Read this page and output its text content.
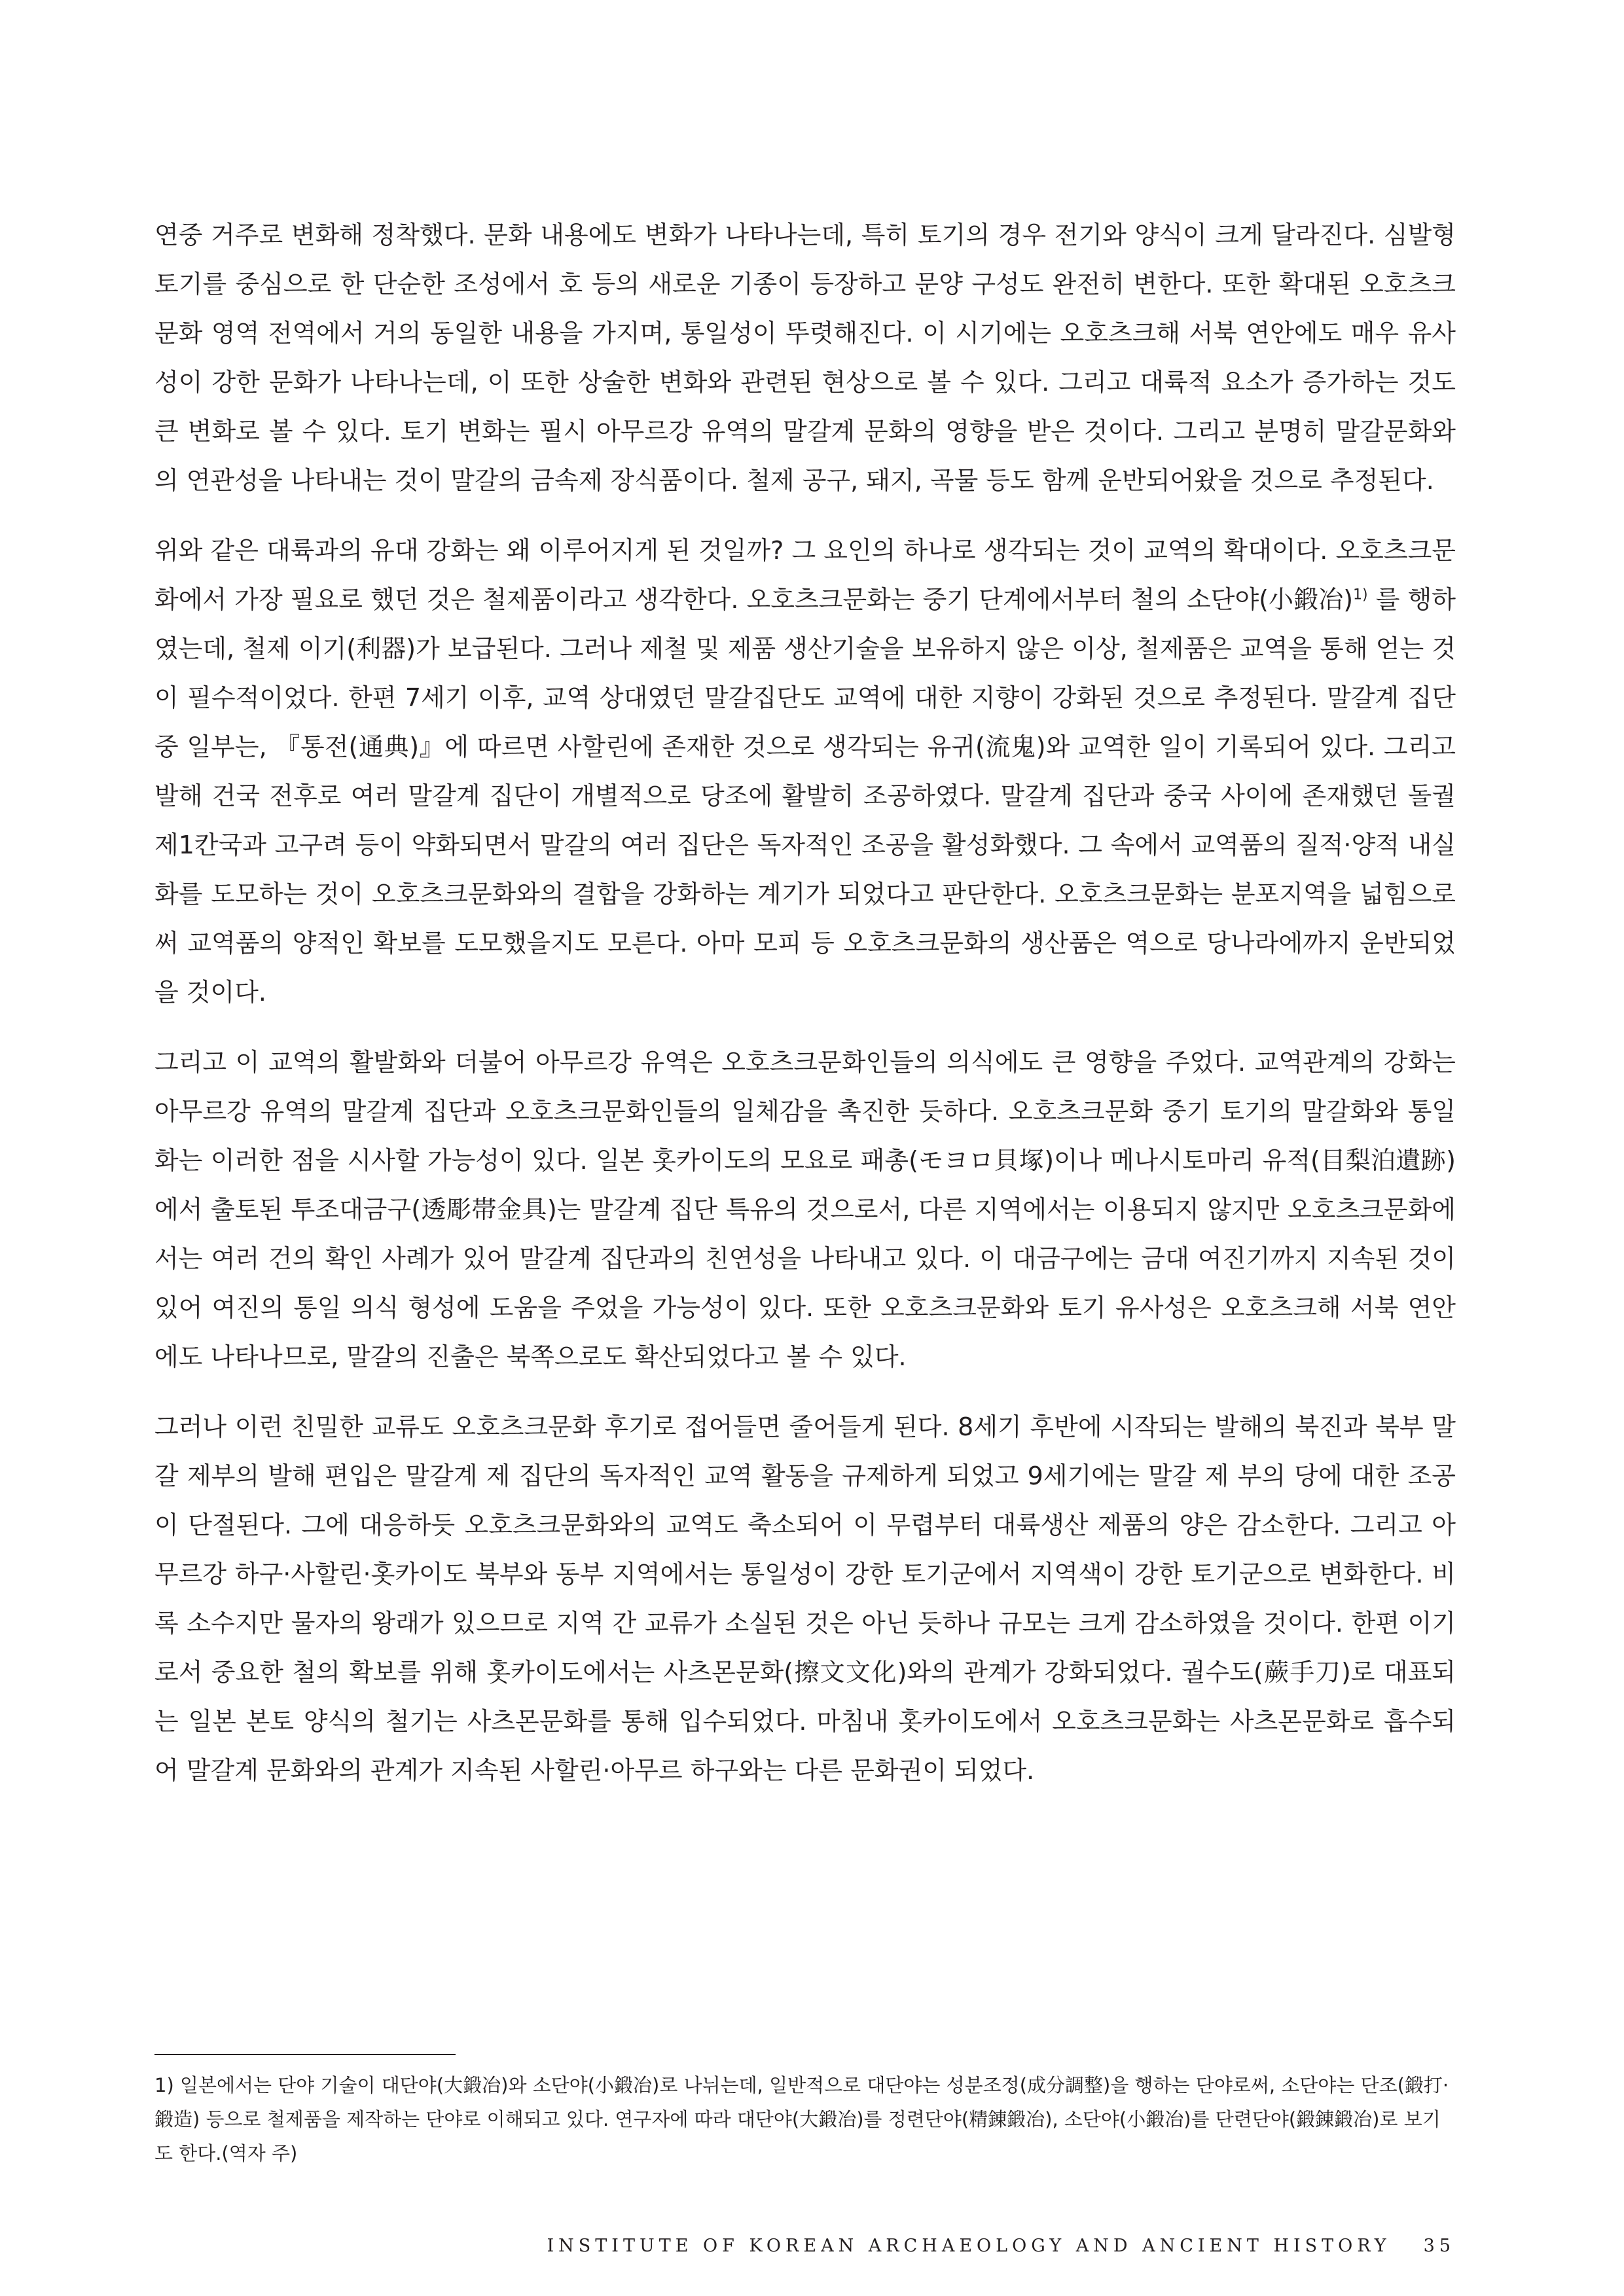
연중 거주로 변화해 정착했다. 문화 내용에도 변화가 나타나는데, 특히 토기의 경우 전기와 양식이 크게 달라진다. 심발형 토기를 중심으로 한 단순한 조성에서 호 등의 새로운 기종이 등장하고 문양 구성도 완전히 변한다. 또한 확대된 오호츠크문화 영역 전역에서 거의 동일한 내용을 가지며, 통일성이 뚜렷해진다. 이 시기에는 오호츠크해 서북 연안에도 매우 유사성이 강한 문화가 나타나는데, 이 또한 상술한 변화와 관련된 현상으로 볼 수 있다. 그리고 대륙적 요소가 증가하는 것도 큰 변화로 볼 수 있다. 토기 변화는 필시 아무르강 유역의 말갈계 문화의 영향을 받은 것이다. 그리고 분명히 말갈문화와의 연관성을 나타내는 것이 말갈의 금속제 장식품이다. 철제 공구, 돼지, 곡물 등도 함께 운반되어왔을 것으로 추정된다.

위와 같은 대륙과의 유대 강화는 왜 이루어지게 된 것일까? 그 요인의 하나로 생각되는 것이 교역의 확대이다. 오호츠크문화에서 가장 필요로 했던 것은 철제품이라고 생각한다. 오호츠크문화는 중기 단계에서부터 철의 소단야(小鍛冶)$^{1)}$ 를 행하였는데, 철제 이기(利器)가 보급된다. 그러나 제철 및 제품 생산기술을 보유하지 않은 이상, 철제품은 교역을 통해 얻는 것이 필수적이었다. 한편 7세기 이후, 교역 상대였던 말갈집단도 교역에 대한 지향이 강화된 것으로 추정된다. 말갈계 집단 중 일부는, 『통전(通典)』에 따르면 사할린에 존재한 것으로 생각되는 유귀(流鬼)와 교역한 일이 기록되어 있다. 그리고 발해 건국 전후로 여러 말갈계 집단이 개별적으로 당조에 활발히 조공하였다. 말갈계 집단과 중국 사이에 존재했던 돌궐 제1칸국과 고구려 등이 약화되면서 말갈의 여러 집단은 독자적인 조공을 활성화했다. 그 속에서 교역품의 질적·양적 내실화를 도모하는 것이 오호츠크문화와의 결합을 강화하는 계기가 되었다고 판단한다. 오호츠크문화는 분포지역을 넓힘으로써 교역품의 양적인 확보를 도모했을지도 모른다. 아마 모피 등 오호츠크문화의 생산품은 역으로 당나라에까지 운반되었을 것이다.

그리고 이 교역의 활발화와 더불어 아무르강 유역은 오호츠크문화인들의 의식에도 큰 영향을 주었다. 교역관계의 강화는 아무르강 유역의 말갈계 집단과 오호츠크문화인들의 일체감을 촉진한 듯하다. 오호츠크문화 중기 토기의 말갈화와 통일화는 이러한 점을 시사할 가능성이 있다. 일본 홋카이도의 모요로 패총(モヨロ貝塚)이나 메나시토마리 유적(目梨泊遺跡)에서 출토된 투조대금구(透彫帯金具)는 말갈계 집단 특유의 것으로서, 다른 지역에서는 이용되지 않지만 오호츠크문화에서는 여러 건의 확인 사례가 있어 말갈계 집단과의 친연성을 나타내고 있다. 이 대금구에는 금대 여진기까지 지속된 것이 있어 여진의 통일 의식 형성에 도움을 주었을 가능성이 있다. 또한 오호츠크문화와 토기 유사성은 오호츠크해 서북 연안에도 나타나므로, 말갈의 진출은 북쪽으로도 확산되었다고 볼 수 있다.

그러나 이런 친밀한 교류도 오호츠크문화 후기로 접어들면 줄어들게 된다. 8세기 후반에 시작되는 발해의 북진과 북부 말갈 제부의 발해 편입은 말갈계 제 집단의 독자적인 교역 활동을 규제하게 되었고 9세기에는 말갈 제 부의 당에 대한 조공이 단절된다. 그에 대응하듯 오호츠크문화와의 교역도 축소되어 이 무렵부터 대륙생산 제품의 양은 감소한다. 그리고 아무르강 하구·사할린·홋카이도 북부와 동부 지역에서는 통일성이 강한 토기군에서 지역색이 강한 토기군으로 변화한다. 비록 소수지만 물자의 왕래가 있으므로 지역 간 교류가 소실된 것은 아닌 듯하나 규모는 크게 감소하였을 것이다. 한편 이기로서 중요한 철의 확보를 위해 홋카이도에서는 사츠몬문화(擦文文化)와의 관계가 강화되었다. 궐수도(蕨手刀)로 대표되는 일본 본토 양식의 철기는 사츠몬문화를 통해 입수되었다. 마침내 홋카이도에서 오호츠크문화는 사츠몬문화로 흡수되어 말갈계 문화와의 관계가 지속된 사할린·아무르 하구와는 다른 문화권이 되었다.

1) 일본에서는 단야 기술이 대단야(大鍛冶)와 소단야(小鍛冶)로 나뉘는데, 일반적으로 대단야는 성분조정(成分調整)을 행하는 단야로써, 소단야는 단조(鍛打·鍛造) 등으로 철제품을 제작하는 단야로 이해되고 있다. 연구자에 따라 대단야(大鍛冶)를 정련단야(精錬鍛冶), 소단야(小鍛冶)를 단련단야(鍛錬鍛冶)로 보기도 한다.(역자 주)
INSTITUTE OF KOREAN ARCHAEOLOGY AND ANCIENT HISTORY 35
